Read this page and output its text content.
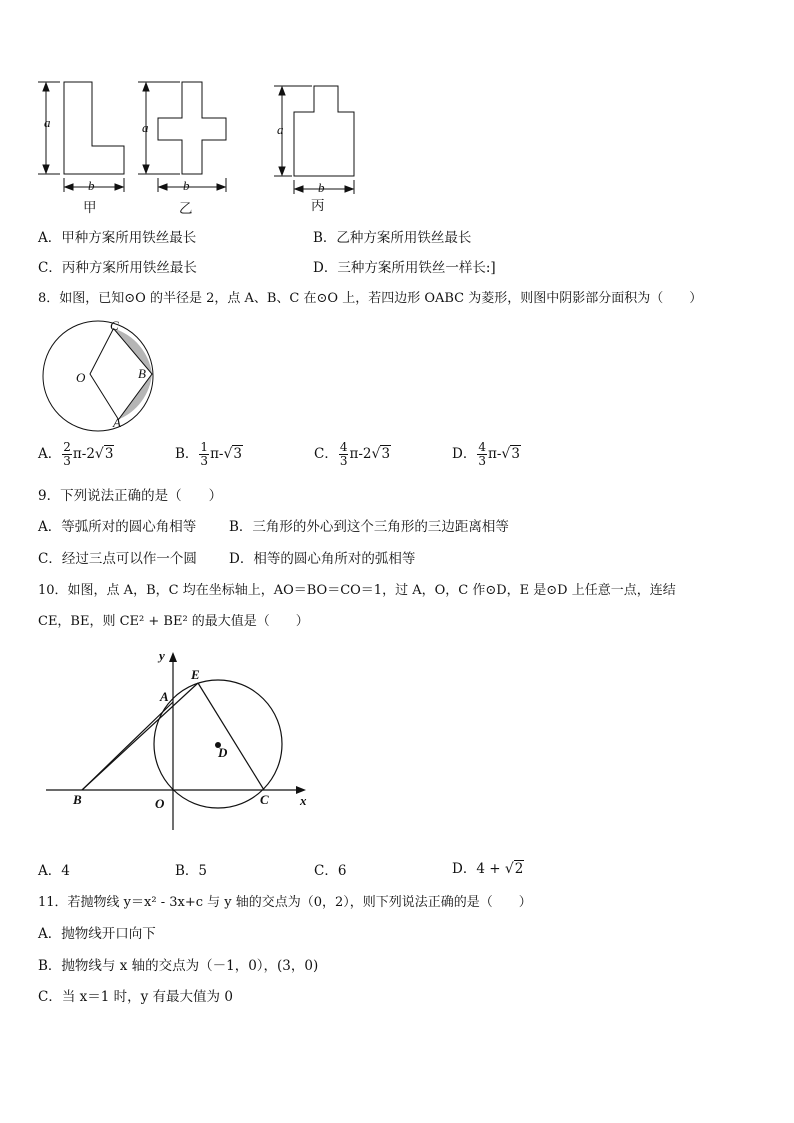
a
b
a
b
a
b
甲	乙	丙
A．甲种方案所用铁丝最长	B．乙种方案所用铁丝最长
C．丙种方案所用铁丝最长	D．三种方案所用铁丝一样长:]
8．如图，已知⊙O 的半径是 2，点 A、B、C 在⊙O 上，若四边形 OABC 为菱形，则图中阴影部分面积为（　　）
C
O	B
A
A． $\frac{2}{3} \pi-2√3$	B． $\frac{1}{3} \pi-√3$	C． $\frac{4}{3} \pi-2√3$	D． $\frac{4}{3} \pi-√3$
9．下列说法正确的是（　　）
A．等弧所对的圆心角相等 B．三角形的外心到这个三角形的三边距离相等
C．经过三点可以作一个圆 D．相等的圆心角所对的弧相等
10．如图，点 A，B，C 均在坐标轴上，AO＝BO＝CO＝1，过 A，O，C 作⊙D，E 是⊙D 上任意一点，连结
CE，BE，则 CE² + BE² 的最大值是（　　）
y
E
A
D
B	O	C x
A．4	B．5	C．6	D．4 + √2
11．若抛物线 y＝x² - 3x+c 与 y 轴的交点为（0，2），则下列说法正确的是（　　）
A．抛物线开口向下
B．抛物线与 x 轴的交点为（－1，0），(3，0)
C．当 x＝1 时，y 有最大值为 0
